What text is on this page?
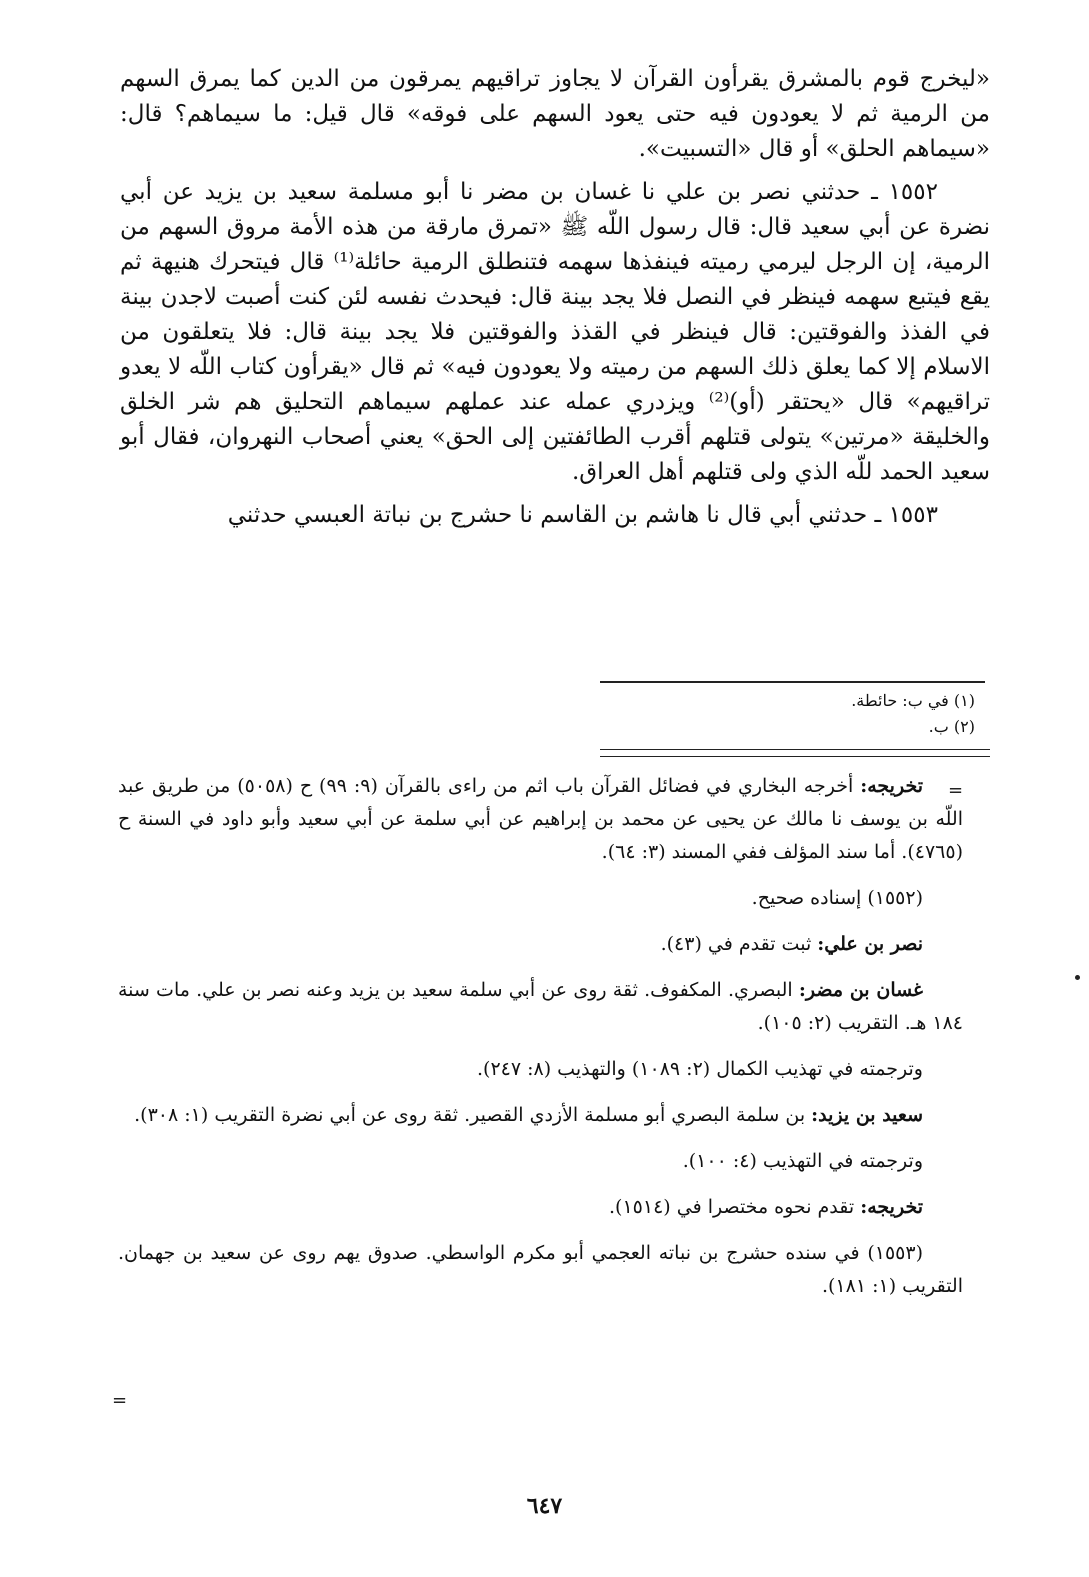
«ليخرج قوم بالمشرق يقرأون القرآن لا يجاوز تراقيهم يمرقون من الدين كما يمرق السهم من الرمية ثم لا يعودون فيه حتى يعود السهم على فوقه» قال قيل: ما سيماهم؟ قال: «سيماهم الحلق» أو قال «التسبيت».

١٥٥٢ ـ حدثني نصر بن علي نا غسان بن مضر نا أبو مسلمة سعيد بن يزيد عن أبي نضرة عن أبي سعيد قال: قال رسول اللّه ﷺ «تمرق مارقة من هذه الأمة مروق السهم من الرمية، إن الرجل ليرمي رميته فينفذها سهمه فتنطلق الرمية حائلة⁽¹⁾ قال فيتحرك هنيهة ثم يقع فيتبع سهمه فينظر في النصل فلا يجد بينة قال: فيحدث نفسه لئن كنت أصبت لاجدن بينة في الفذذ والفوقتين: قال فينظر في القذذ والفوقتين فلا يجد بينة قال: فلا يتعلقون من الاسلام إلا كما يعلق ذلك السهم من رميته ولا يعودون فيه» ثم قال «يقرأون كتاب اللّه لا يعدو تراقيهم» قال «يحتقر (أو)⁽²⁾ ويزدري عمله عند عملهم سيماهم التحليق هم شر الخلق والخليقة «مرتين» يتولى قتلهم أقرب الطائفتين إلى الحق» يعني أصحاب النهروان، فقال أبو سعيد الحمد للّه الذي ولى قتلهم أهل العراق.

١٥٥٣ ـ حدثني أبي قال نا هاشم بن القاسم نا حشرج بن نباتة العبسي حدثني

(١) في ب: حائطة.
(٢) ب.
=

تخريجه: أخرجه البخاري في فضائل القرآن باب اثم من راءى بالقرآن (٩: ٩٩) ح (٥٠٥٨) من طريق عبد اللّه بن يوسف نا مالك عن يحيى عن محمد بن إبراهيم عن أبي سلمة عن أبي سعيد وأبو داود في السنة ح (٤٧٦٥). أما سند المؤلف ففي المسند (٣: ٦٤).

(١٥٥٢) إسناده صحيح.

نصر بن علي: ثبت تقدم في (٤٣).

غسان بن مضر: البصري. المكفوف. ثقة روى عن أبي سلمة سعيد بن يزيد وعنه نصر بن علي. مات سنة ١٨٤ هـ. التقريب (٢: ١٠٥).

وترجمته في تهذيب الكمال (٢: ١٠٨٩) والتهذيب (٨: ٢٤٧).

سعيد بن يزيد: بن سلمة البصري أبو مسلمة الأزدي القصير. ثقة روى عن أبي نضرة التقريب (١: ٣٠٨).

وترجمته في التهذيب (٤: ١٠٠).

تخريجه: تقدم نحوه مختصرا في (١٥١٤).

(١٥٥٣) في سنده حشرج بن نباته العجمي أبو مكرم الواسطي. صدوق يهم روى عن سعيد بن جهمان. التقريب (١: ١٨١).

=
٦٤٧
